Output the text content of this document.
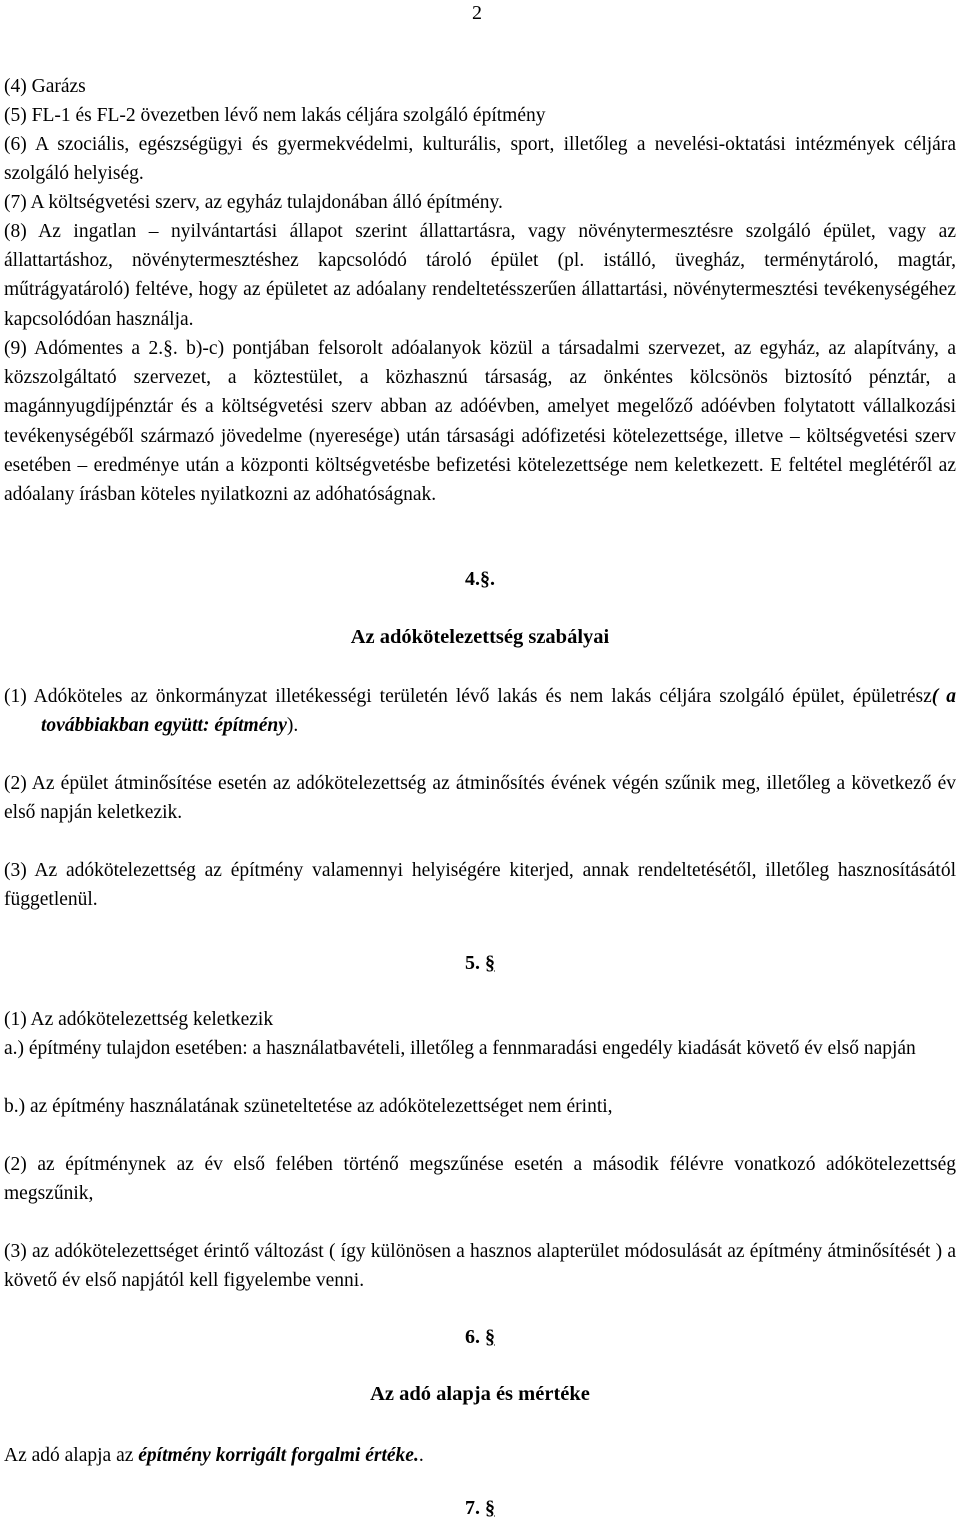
2

(4) Garázs

(5) FL-1 és FL-2 övezetben lévő nem lakás céljára szolgáló építmény

(6) A szociális, egészségügyi és gyermekvédelmi, kulturális, sport, illetőleg a nevelési-oktatási intézmények céljára szolgáló helyiség.

(7) A költségvetési szerv, az egyház tulajdonában álló építmény.

(8) Az ingatlan – nyilvántartási állapot szerint állattartásra, vagy növénytermesztésre szolgáló épület, vagy az állattartáshoz, növénytermesztéshez kapcsolódó tároló épület (pl. istálló, üvegház, terménytároló, magtár, műtrágyatároló) feltéve, hogy az épületet az adóalany rendeltetésszerűen állattartási, növénytermesztési tevékenységéhez kapcsolódóan használja.

(9) Adómentes a 2.§. b)-c) pontjában felsorolt adóalanyok közül a társadalmi szervezet, az egyház, az alapítvány, a közszolgáltató szervezet, a köztestület, a közhasznú társaság, az önkéntes kölcsönös biztosító pénztár, a magánnyugdíjpénztár és a költségvetési szerv abban az adóévben, amelyet megelőző adóévben folytatott vállalkozási tevékenységéből származó jövedelme (nyeresége) után társasági adófizetési kötelezettsége, illetve – költségvetési szerv esetében – eredménye után a központi költségvetésbe befizetési kötelezettsége nem keletkezett. E feltétel meglétéről az adóalany írásban köteles nyilatkozni az adóhatóságnak.

4.§.
Az adókötelezettség szabályai

(1) Adóköteles az önkormányzat illetékességi területén lévő lakás és nem lakás céljára szolgáló épület, épületrész( a továbbiakban együtt: építmény).

(2) Az épület átminősítése esetén az adókötelezettség az átminősítés évének végén szűnik meg, illetőleg a következő év első napján keletkezik.

(3) Az adókötelezettség az építmény valamennyi helyiségére kiterjed, annak rendeltetésétől, illetőleg hasznosításától függetlenül.

5. §

(1) Az adókötelezettség keletkezik

a.) építmény tulajdon esetében: a használatbavételi, illetőleg a fennmaradási engedély kiadását követő év első napján

b.) az építmény használatának szüneteltetése az adókötelezettséget nem érinti,

(2) az építménynek az év első felében történő megszűnése esetén a második félévre vonatkozó adókötelezettség megszűnik,

(3) az adókötelezettséget érintő változást ( így különösen a hasznos alapterület módosulását az építmény átminősítését ) a követő év első napjától kell figyelembe venni.

6. §
Az adó alapja és mértéke

Az adó alapja az építmény korrigált forgalmi értéke..

7. §
